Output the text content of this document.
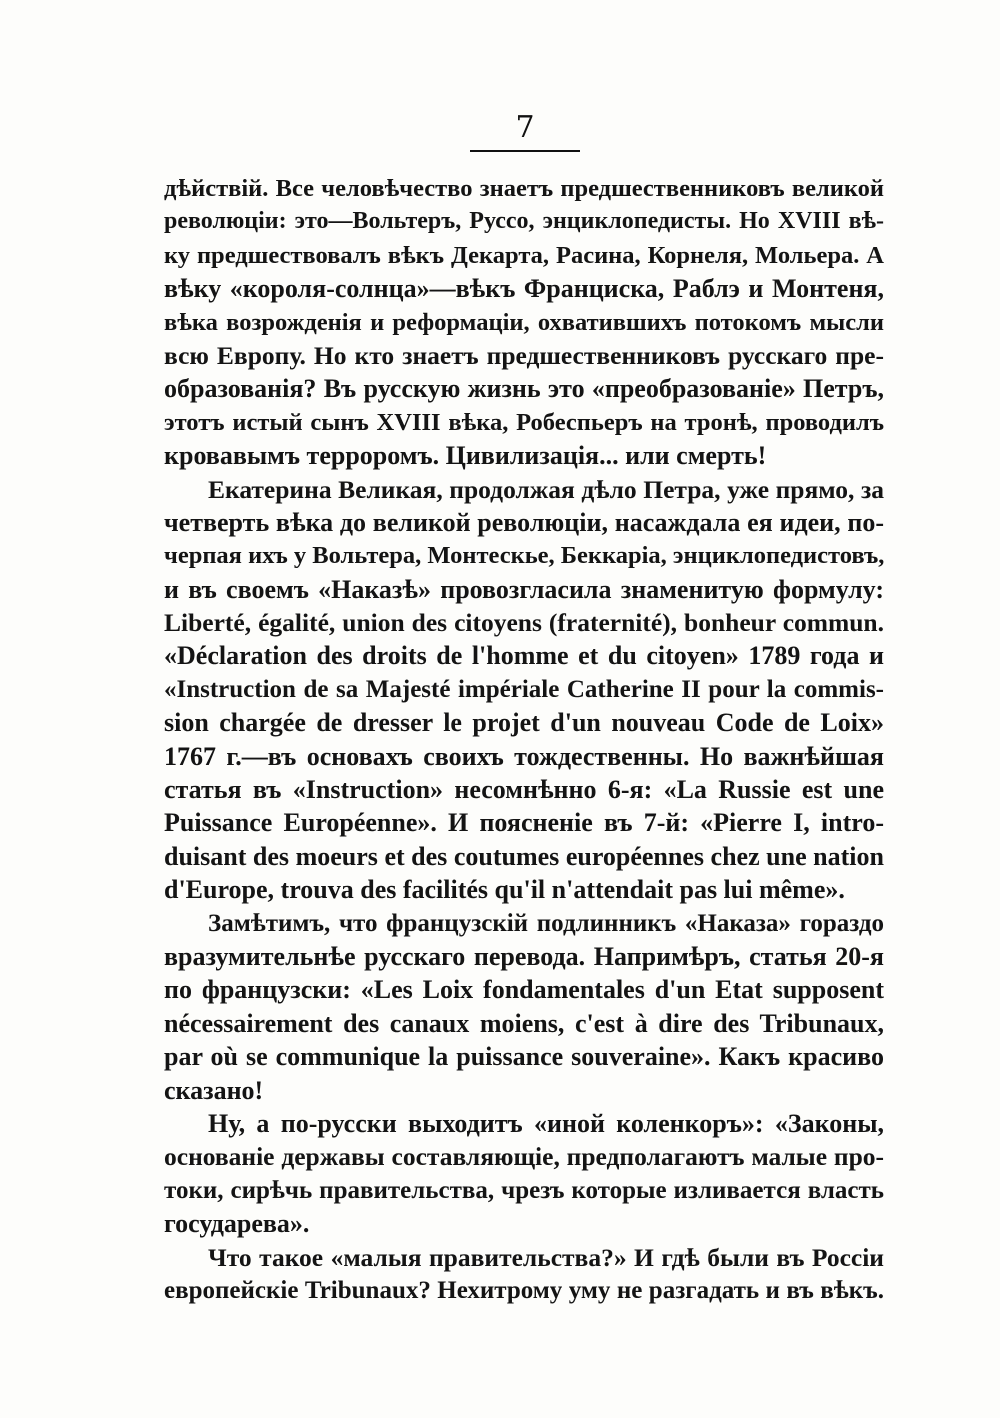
7
дѣйствій. Все человѣчество знаетъ предшественниковъ великой
революціи: это—Вольтеръ, Руссо, энциклопедисты. Но XVIII вѣ-
ку предшествовалъ вѣкъ Декарта, Расина, Корнеля, Мольера. А
вѣку «короля-солнца»—вѣкъ Франциска, Раблэ и Монтеня,
вѣка возрожденія и реформаціи, охватившихъ потокомъ мысли
всю Европу. Но кто знаетъ предшественниковъ русскаго пре-
образованія? Въ русскую жизнь это «преобразованіе» Петръ,
этотъ истый сынъ XVIII вѣка, Робеспьеръ на тронѣ, проводилъ
кровавымъ терроромъ. Цивилизація... или смерть!
Екатерина Великая, продолжая дѣло Петра, уже прямо, за
четверть вѣка до великой революціи, насаждала ея идеи, по-
черпая ихъ у Вольтера, Монтескье, Беккаріа, энциклопедистовъ,
и въ своемъ «Наказѣ» провозгласила знаменитую формулу:
Liberté, égalité, union des citoyens (fraternité), bonheur commun.
«Déclaration des droits de l'homme et du citoyen» 1789 года и
«Instruction de sa Majesté impériale Catherine II pour la commis-
sion chargée de dresser le projet d'un nouveau Code de Loix»
1767 г.—въ основахъ своихъ тождественны. Но важнѣйшая
статья въ «Instruction» несомнѣнно 6-я: «La Russie est une
Puissance Européenne». И поясненіе въ 7-й: «Pierre I, intro-
duisant des moeurs et des coutumes européennes chez une nation
d'Europe, trouva des facilités qu'il n'attendait pas lui même».
Замѣтимъ, что французскій подлинникъ «Наказа» гораздо
вразумительнѣе русскаго перевода. Напримѣръ, статья 20-я
по французски: «Les Loix fondamentales d'un Etat supposent
nécessairement des canaux moiens, c'est à dire des Tribunaux,
par où se communique la puissance souveraine». Какъ красиво
сказано!
Ну, а по-русски выходитъ «иной коленкоръ»: «Законы,
основаніе державы составляющіе, предполагаютъ малые про-
токи, сирѣчь правительства, чрезъ которые изливается власть
государева».
Что такое «малыя правительства?» И гдѣ были въ Россіи
европейскіе Tribunaux? Нехитрому уму не разгадать и въ вѣкъ.
